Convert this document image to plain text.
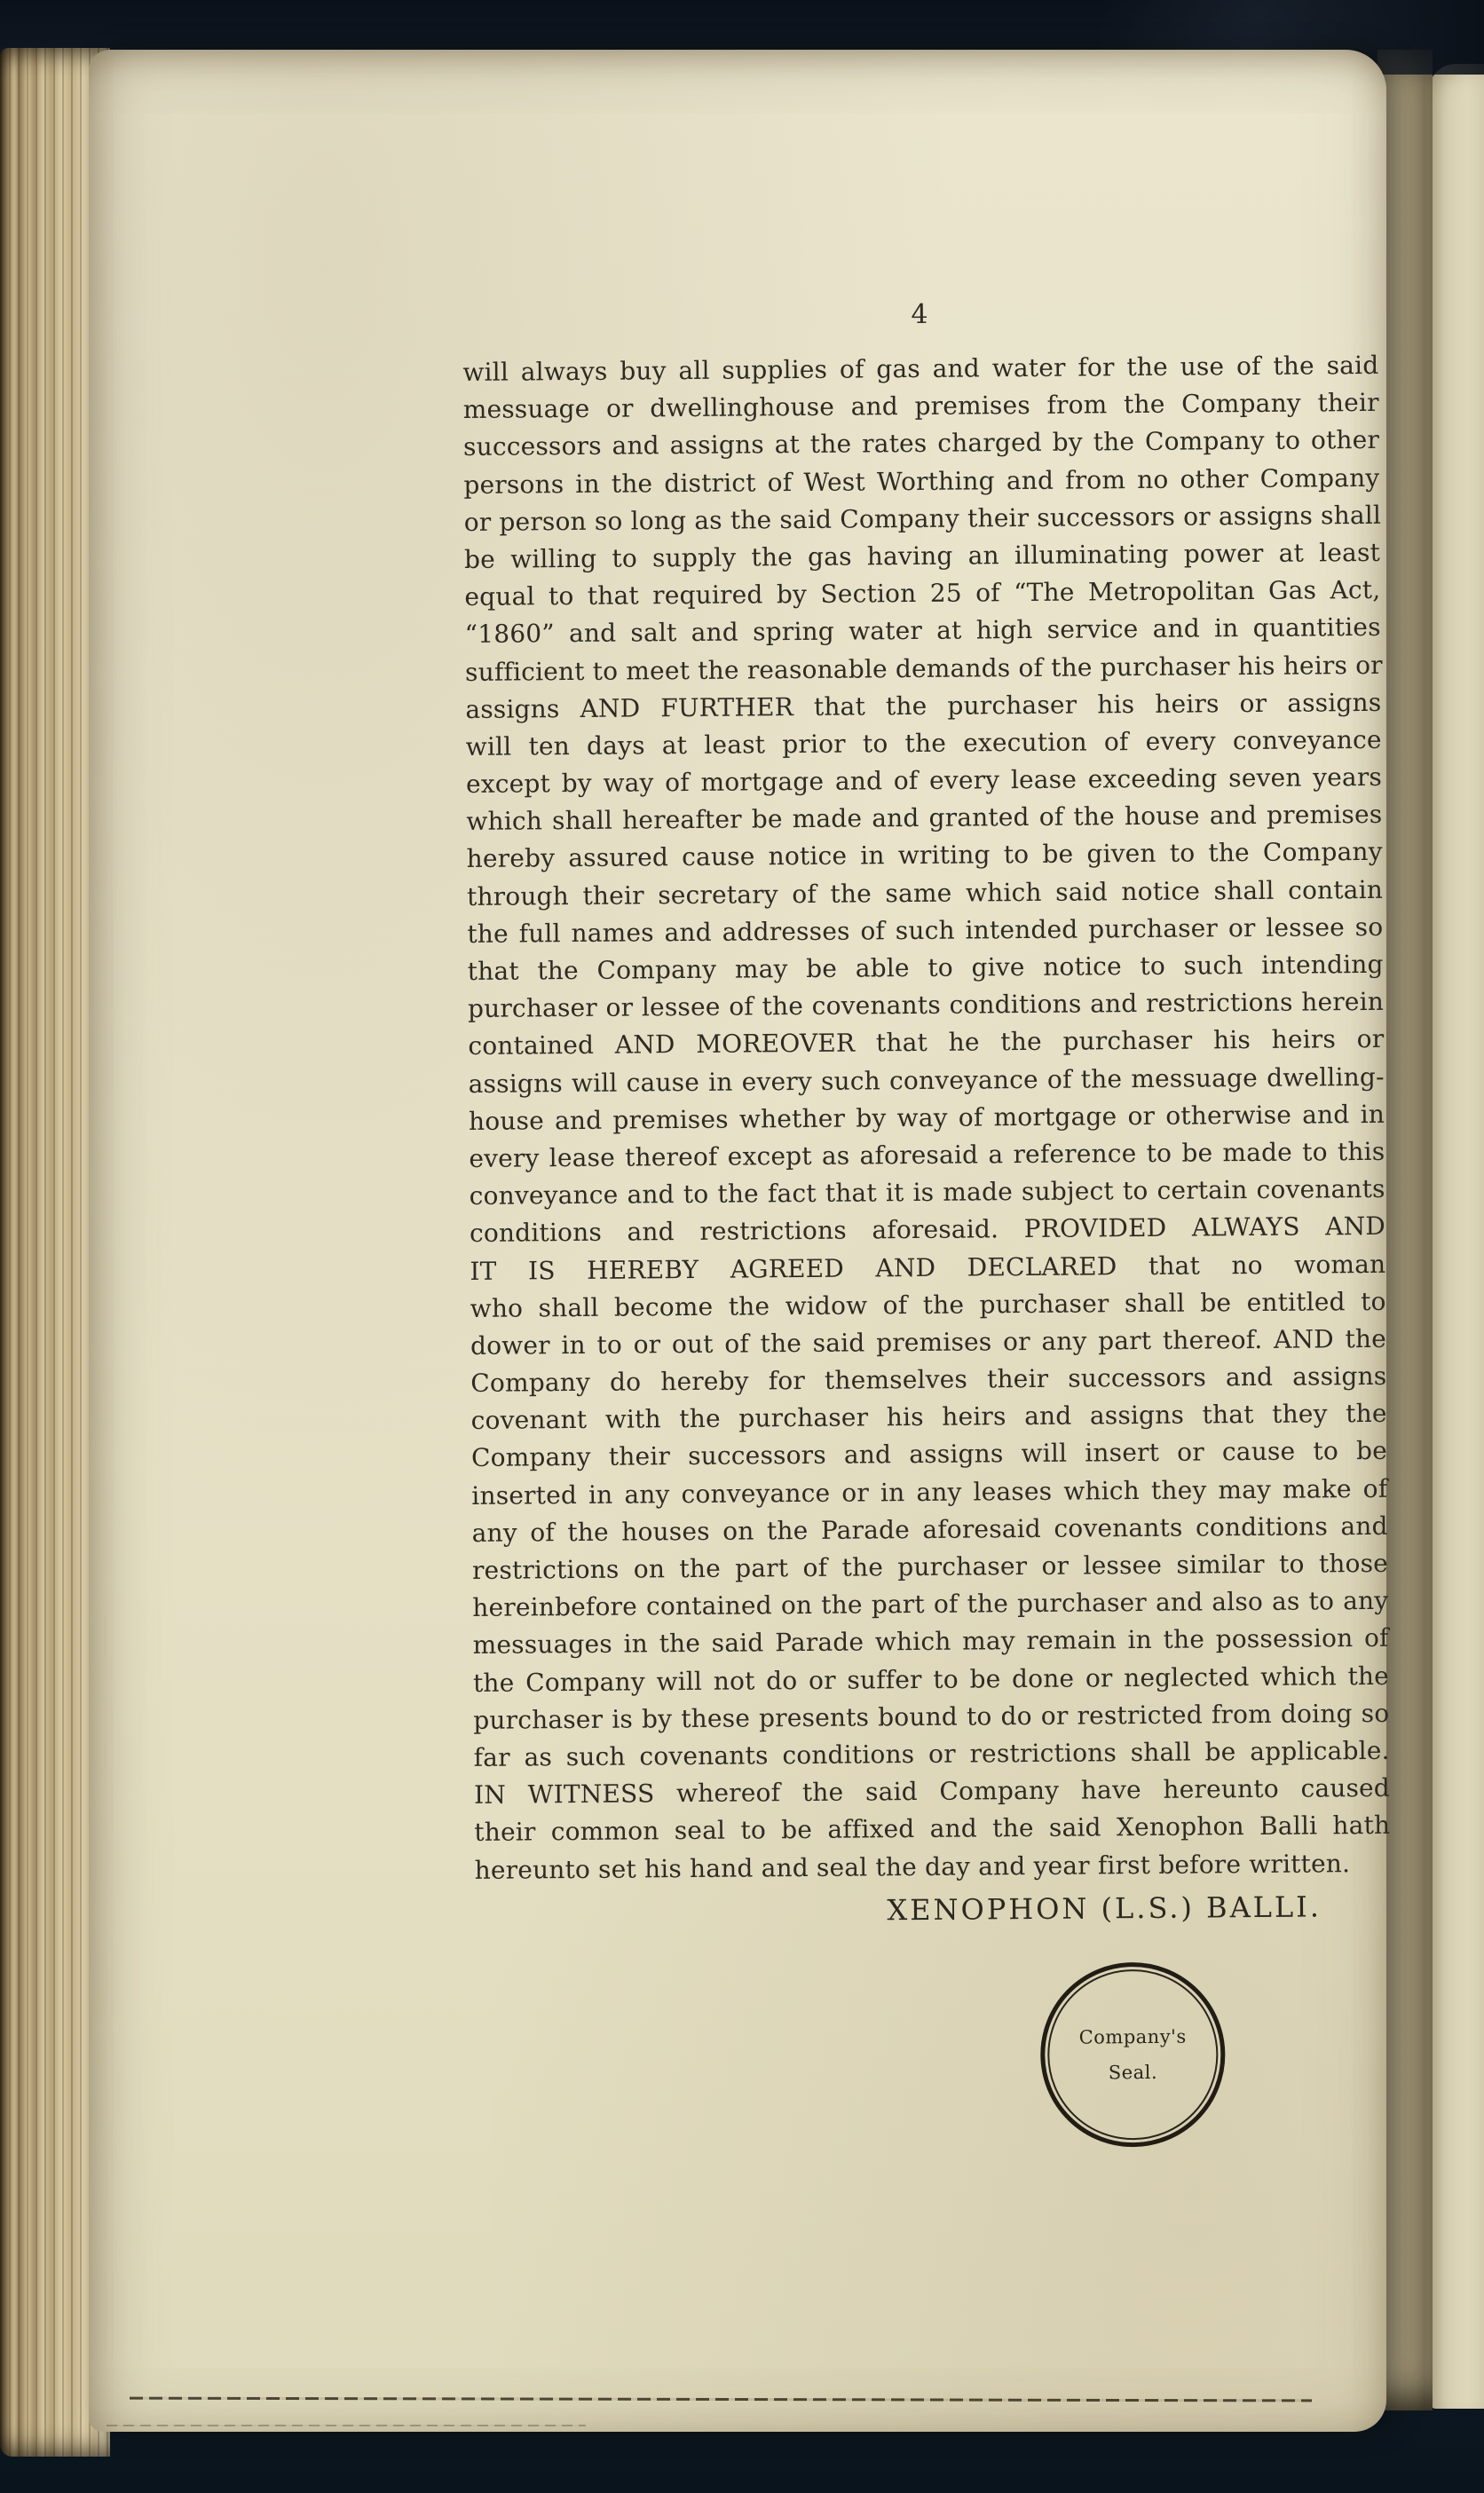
4
will always buy all supplies of gas and water for the use of the said
messuage or dwellinghouse and premises from the Company their
successors and assigns at the rates charged by the Company to other
persons in the district of West Worthing and from no other Company
or person so long as the said Company their successors or assigns shall
be willing to supply the gas having an illuminating power at least
equal to that required by Section 25 of “The Metropolitan Gas Act,
“1860” and salt and spring water at high service and in quantities
sufficient to meet the reasonable demands of the purchaser his heirs or
assigns AND FURTHER that the purchaser his heirs or assigns
will ten days at least prior to the execution of every conveyance
except by way of mortgage and of every lease exceeding seven years
which shall hereafter be made and granted of the house and premises
hereby assured cause notice in writing to be given to the Company
through their secretary of the same which said notice shall contain
the full names and addresses of such intended purchaser or lessee so
that the Company may be able to give notice to such intending
purchaser or lessee of the covenants conditions and restrictions herein
contained AND MOREOVER that he the purchaser his heirs or
assigns will cause in every such conveyance of the messuage dwelling-
house and premises whether by way of mortgage or otherwise and in
every lease thereof except as aforesaid a reference to be made to this
conveyance and to the fact that it is made subject to certain covenants
conditions and restrictions aforesaid. PROVIDED ALWAYS AND
IT IS HEREBY AGREED AND DECLARED that no woman
who shall become the widow of the purchaser shall be entitled to
dower in to or out of the said premises or any part thereof. AND the
Company do hereby for themselves their successors and assigns
covenant with the purchaser his heirs and assigns that they the
Company their successors and assigns will insert or cause to be
inserted in any conveyance or in any leases which they may make of
any of the houses on the Parade aforesaid covenants conditions and
restrictions on the part of the purchaser or lessee similar to those
hereinbefore contained on the part of the purchaser and also as to any
messuages in the said Parade which may remain in the possession of
the Company will not do or suffer to be done or neglected which the
purchaser is by these presents bound to do or restricted from doing so
far as such covenants conditions or restrictions shall be applicable.
IN WITNESS whereof the said Company have hereunto caused
their common seal to be affixed and the said Xenophon Balli hath
hereunto set his hand and seal the day and year first before written.
XENOPHON (L.S.) BALLI.
Company's
Seal.
